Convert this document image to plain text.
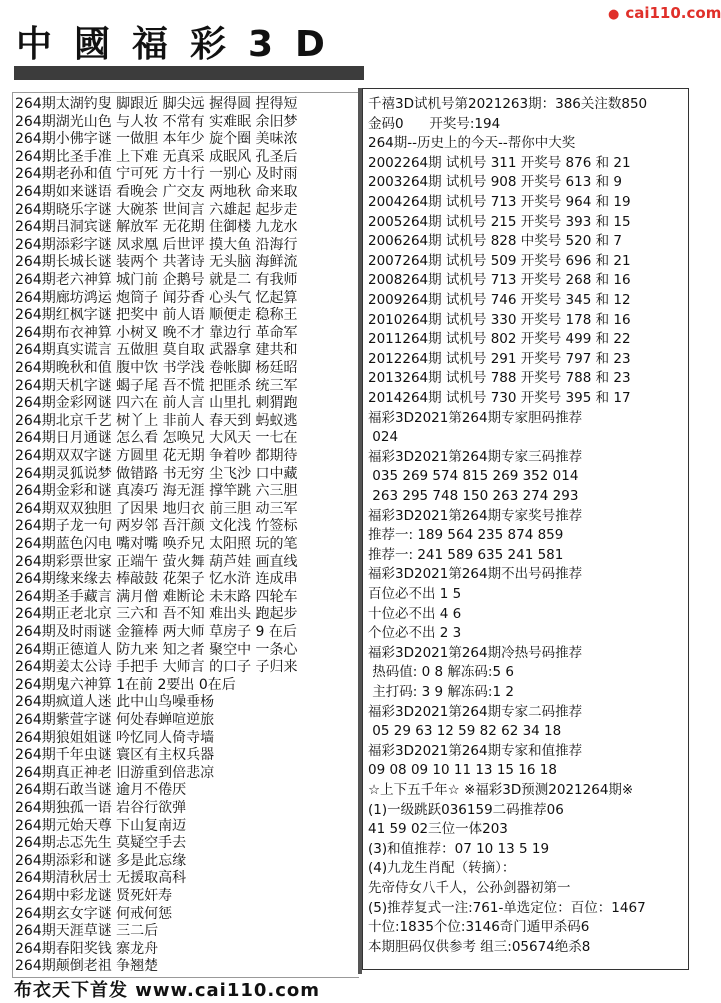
中國福彩3D
● cai110.com
264期太湖钓叟 脚跟近 脚尖远 握得圆 捏得短
264期湖光山色 与人妆 不常有 实难眠 余旧梦
264期小佛字谜 一做胆 本年少 旋个圈 美味浓
264期比圣手准 上下难 无真采 成眠风 孔圣后
264期老孙和值 宁可死 方十行 一别心 及时雨
264期如来谜语 看晚会 广交友 两地秋 命来取
264期晓乐字谜 大碗茶 世间言 六雄起 起步走
264期吕洞宾谜 解放军 无花期 住御楼 九龙水
264期添彩字谜 凤求凰 后世评 摸大鱼 沿海行
264期长城长谜 装两个 共著诗 无头脑 海鲜流
264期老六神算 城门前 企鹅号 就是二 有我师
264期廊坊鸿运 炮筒子 闻芬香 心头气 忆起算
264期红枫字谜 把奖中 前人语 顺便走 稳称王
264期布衣神算 小树叉 晚不才 靠边行 革命军
264期真实谎言 五做胆 莫自取 武器拿 建共和
264期晚秋和值 腹中饮 书学浅 卷帐脚 杨廷昭
264期天机字谜 蝎子尾 吾不慌 把匪杀 统三军
264期金彩网谜 四六在 前人言 山里扎 刺猬跑
264期北京千艺 树丫上 非前人 春天到 蚂蚁逃
264期日月通谜 怎么看 怎唤兄 大风天 一七在
264期双双字谜 方圆里 花无期 争着吵 都期待
264期灵狐说梦 做错路 书无穷 尘飞沙 口中藏
264期金彩和谜 真凑巧 海无涯 撑竿跳 六三胆
264期双双独胆 了因果 地归衣 前三胆 动三军
264期子龙一句 两岁邻 吾汗颜 文化浅 竹签标
264期蓝色闪电 嘴对嘴 唤乔兄 太阳照 玩的笔
264期彩票世家 正端午 萤火舞 葫芦娃 画直线
264期缘来缘去 棒敲鼓 花架子 忆水浒 连成串
264期圣手藏言 满月僧 难断论 未末路 四轮车
264期正老北京 三六和 吾不知 难出头 跑起步
264期及时雨谜 金箍棒 两大师 草房子 9 在后
264期正德道人 防九来 知之者 聚空中 一条心
264期姜太公诗 手把手 大师言 的口子 子归来
264期鬼六神算 1在前 2要出 0在后
264期疯道人迷 此中山鸟噪垂杨
264期紫萱字谜 何处春蝉喧逆旅
264期狼姐姐谜 吟忆同人倚寺墙
264期千年虫谜 寰区有主权兵器
264期真正神老 旧游重到倍悲凉
264期石敢当谜 逾月不倦厌
264期独孤一语 岩谷行欲弹
264期元始天尊 下山复南迈
264期忐忑先生 莫疑空手去
264期添彩和谜 多是此忘缘
264期清秋居士 无援取高科
264期中彩龙谜 贤死奸寿
264期玄女字谜 何戒何惩
264期天涯草谜 三二后
264期春阳奖钱 寨龙舟
264期颠倒老祖 争翘楚
千禧3D试机号第2021263期：386关注数850
金码0      开奖号:194
264期--历史上的今天--帮你中大奖
2002264期 试机号 311 开奖号 876 和 21
2003264期 试机号 908 开奖号 613 和 9
2004264期 试机号 713 开奖号 964 和 19
2005264期 试机号 215 开奖号 393 和 15
2006264期 试机号 828 中奖号 520 和 7
2007264期 试机号 509 开奖号 696 和 21
2008264期 试机号 713 开奖号 268 和 16
2009264期 试机号 746 开奖号 345 和 12
2010264期 试机号 330 开奖号 178 和 16
2011264期 试机号 802 开奖号 499 和 22
2012264期 试机号 291 开奖号 797 和 23
2013264期 试机号 788 开奖号 788 和 23
2014264期 试机号 730 开奖号 395 和 17
福彩3D2021第264期专家胆码推荐
024
福彩3D2021第264期专家三码推荐
035 269 574 815 269 352 014
263 295 748 150 263 274 293
福彩3D2021第264期专家奖号推荐
推荐一: 189 564 235 874 859
推荐一: 241 589 635 241 581
福彩3D2021第264期不出号码推荐
百位必不出 1 5
十位必不出 4 6
个位必不出 2 3
福彩3D2021第264期冷热号码推荐
热码值: 0 8 解冻码:5 6
主打码: 3 9 解冻码:1 2
福彩3D2021第264期专家二码推荐
05 29 63 12 59 82 62 34 18
福彩3D2021第264期专家和值推荐
09 08 09 10 11 13 15 16 18
☆上下五千年☆ ※福彩3D预测2021264期※
(1)一级跳跃036159二码推荐06
41 59 02三位一体203
(3)和值推荐：07 10 13 5 19
(4)九龙生肖配（转摘）：
先帝侍女八千人，公孙剑器初第一
(5)推荐复式一注:761-单选定位：百位：1467
十位:1835个位:3146奇门遁甲杀码6
本期胆码仅供参考 组三:05674绝杀8
布衣天下首发 www.cai110.com
